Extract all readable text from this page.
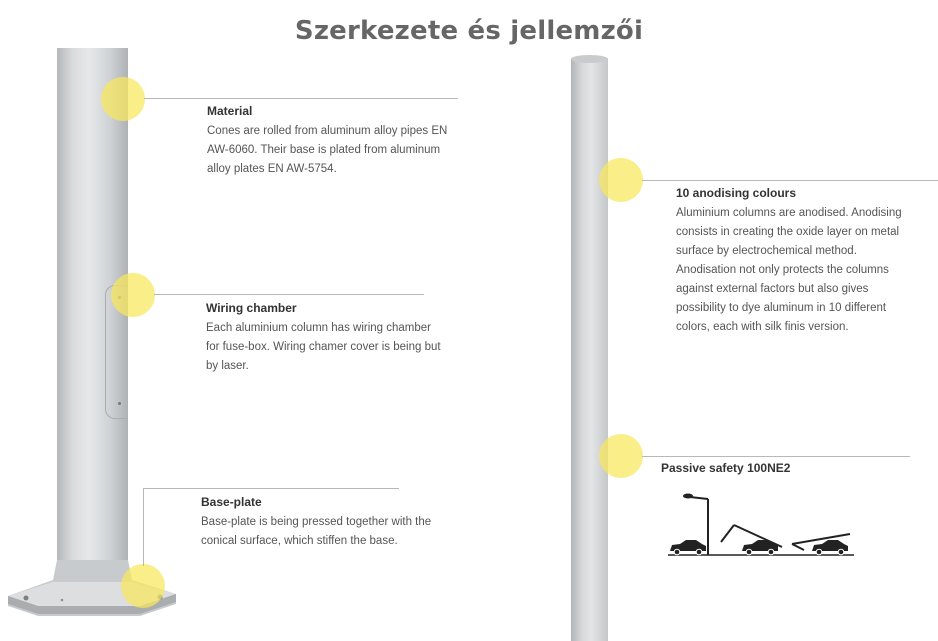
Szerkezete és jellemzői
Material

Cones are rolled from aluminum alloy pipes EN
AW-6060. Their base is plated from aluminum
alloy plates EN AW-5754.

Wiring chamber

Each aluminium column has wiring chamber
for fuse-box. Wiring chamer cover is being but
by laser.

Base-plate

Base-plate is being pressed together with the
conical surface, which stiffen the base.

10 anodising colours

Aluminium columns are anodised. Anodising
consists in creating the oxide layer on metal
surface by electrochemical method.
Anodisation not only protects the columns
against external factors but also gives
possibility to dye aluminum in 10 different
colors, each with silk finis version.

Passive safety 100NE2
